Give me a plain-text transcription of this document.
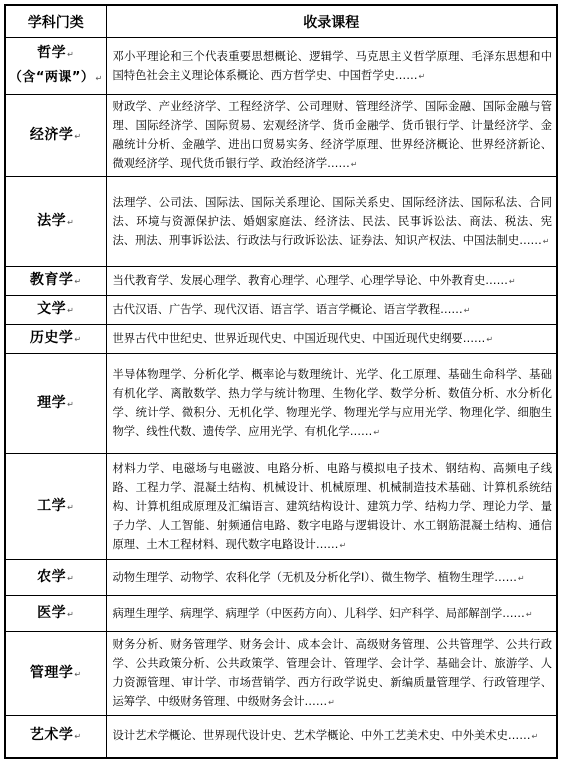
学科门类	收录课程
哲学↵
（含“两课”）↵	邓小平理论和三个代表重要思想概论、逻辑学、马克思主义哲学原理、毛泽东思想和中国特色社会主义理论体系概论、西方哲学史、中国哲学史……↵
经济学↵	财政学、产业经济学、工程经济学、公司理财、管理经济学、国际金融、国际金融与管理、国际经济学、国际贸易、宏观经济学、货币金融学、货币银行学、计量经济学、金融统计分析、金融学、进出口贸易实务、经济学原理、世界经济概论、世界经济新论、微观经济学、现代货币银行学、政治经济学……↵
法学↵	法理学、公司法、国际法、国际关系理论、国际关系史、国际经济法、国际私法、合同法、环境与资源保护法、婚姻家庭法、经济法、民法、民事诉讼法、商法、税法、宪法、刑法、刑事诉讼法、行政法与行政诉讼法、证券法、知识产权法、中国法制史……↵
教育学↵	当代教育学、发展心理学、教育心理学、心理学、心理学导论、中外教育史……↵
文学↵	古代汉语、广告学、现代汉语、语言学、语言学概论、语言学教程……↵
历史学↵	世界古代中世纪史、世界近现代史、中国近现代史、中国近现代史纲要……↵
理学↵	半导体物理学、分析化学、概率论与数理统计、光学、化工原理、基础生命科学、基础有机化学、离散数学、热力学与统计物理、生物化学、数学分析、数值分析、水分析化学、统计学、微积分、无机化学、物理光学、物理光学与应用光学、物理化学、细胞生物学、线性代数、遗传学、应用光学、有机化学……↵
工学↵	材料力学、电磁场与电磁波、电路分析、电路与模拟电子技术、钢结构、高频电子线路、工程力学、混凝土结构、机械设计、机械原理、机械制造技术基础、计算机系统结构、计算机组成原理及汇编语言、建筑结构设计、建筑力学、结构力学、理论力学、量子力学、人工智能、射频通信电路、数字电路与逻辑设计、水工钢筋混凝土结构、通信原理、土木工程材料、现代数字电路设计……↵
农学↵	动物生理学、动物学、农科化学（无机及分析化学Ⅰ）、微生物学、植物生理学……↵
医学↵	病理生理学、病理学、病理学（中医药方向）、儿科学、妇产科学、局部解剖学……↵
管理学↵	财务分析、财务管理学、财务会计、成本会计、高级财务管理、公共管理学、公共行政学、公共政策分析、公共政策学、管理会计、管理学、会计学、基础会计、旅游学、人力资源管理、审计学、市场营销学、西方行政学说史、新编质量管理学、行政管理学、运筹学、中级财务管理、中级财务会计……↵
艺术学↵	设计艺术学概论、世界现代设计史、艺术学概论、中外工艺美术史、中外美术史……↵
